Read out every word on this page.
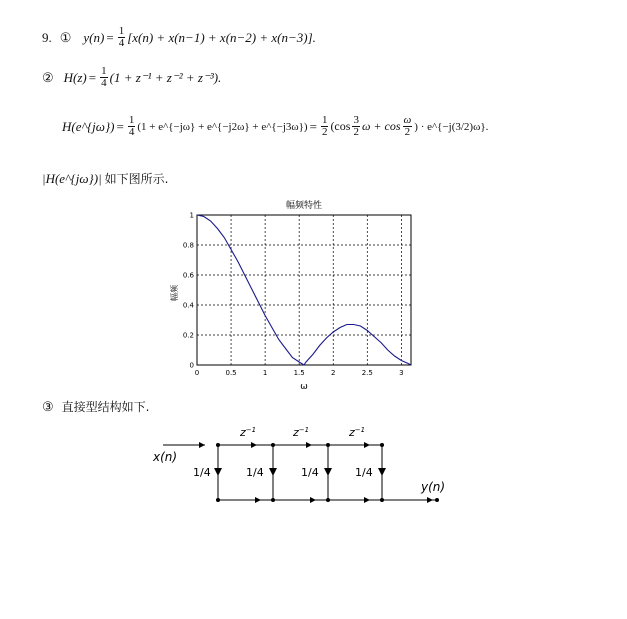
9. ① $y(n) = \frac{1}{4} [x(n) + x(n-1) + x(n-2) + x(n-3)]$.
② $H(z) = \frac{1}{4} (1 + z^{-1} + z^{-2} + z^{-3})$.
H(e^{jω}) = $\frac{1}{4} (1$ + e^{−jω} + e^{−j2ω} + e^{−j3ω}) = $\frac{1}{2} (\cos \frac{3}{2}$ $\omega + \cos \frac{\omega}{2}$ ) · e^{−j(3/2)ω}.
|H(e^{jω})| 如下图所示.
幅频特性
幅频
ω
0	0.5	1	1.5	2	2.5	3
0
0.2
0.4
0.6
0.8
1
③ 直接型结构如下.
x(n)
$z^{-1}$	$z^{-1}$	$z^{-1}$
1/4	1/4	1/4	1/4
y(n)
